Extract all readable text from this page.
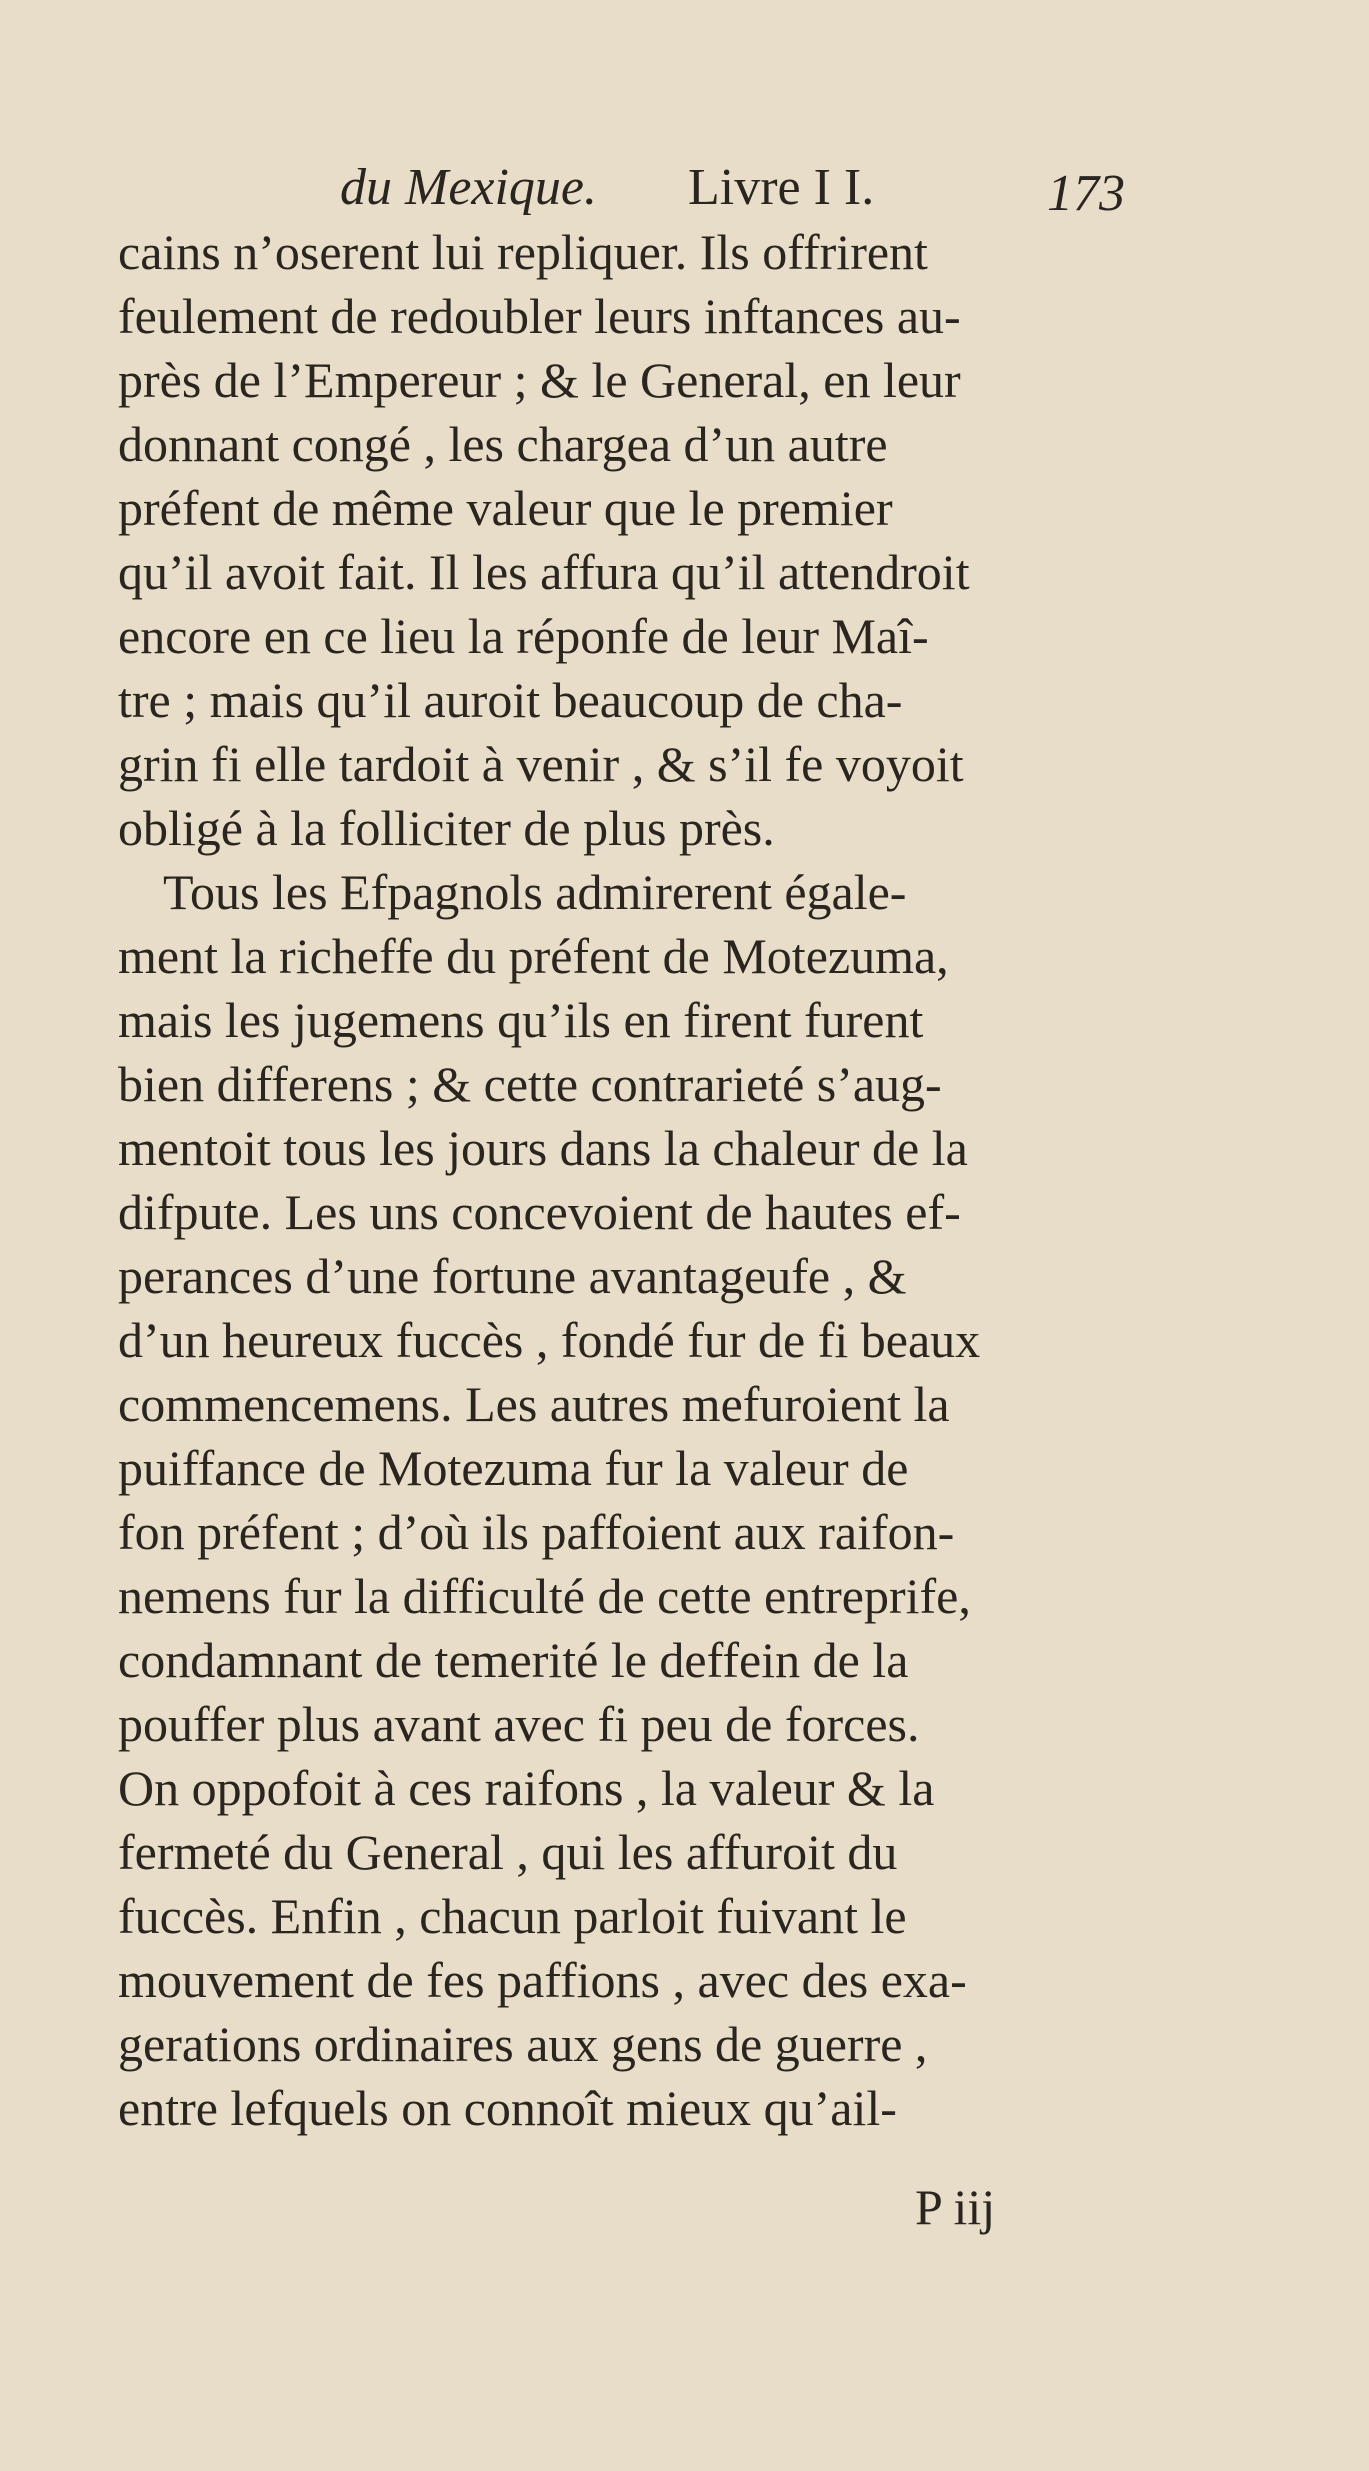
du Mexique. Livre I I.	173
cains n’oserent lui repliquer. Ils offrirent
feulement de redoubler leurs inftances au-
près de l’Empereur ; & le General, en leur
donnant congé , les chargea d’un autre
préfent de même valeur que le premier
qu’il avoit fait. Il les affura qu’il attendroit
encore en ce lieu la réponfe de leur Maî-
tre ; mais qu’il auroit beaucoup de cha-
grin fi elle tardoit à venir , & s’il fe voyoit
obligé à la folliciter de plus près.
Tous les Efpagnols admirerent égale-
ment la richeffe du préfent de Motezuma,
mais les jugemens qu’ils en firent furent
bien differens ; & cette contrarieté s’aug-
mentoit tous les jours dans la chaleur de la
difpute. Les uns concevoient de hautes ef-
perances d’une fortune avantageufe , &
d’un heureux fuccès , fondé fur de fi beaux
commencemens. Les autres mefuroient la
puiffance de Motezuma fur la valeur de
fon préfent ; d’où ils paffoient aux raifon-
nemens fur la difficulté de cette entreprife,
condamnant de temerité le deffein de la
pouffer plus avant avec fi peu de forces.
On oppofoit à ces raifons , la valeur & la
fermeté du General , qui les affuroit du
fuccès. Enfin , chacun parloit fuivant le
mouvement de fes paffions , avec des exa-
gerations ordinaires aux gens de guerre ,
entre lefquels on connoît mieux qu’ail-
P iij
